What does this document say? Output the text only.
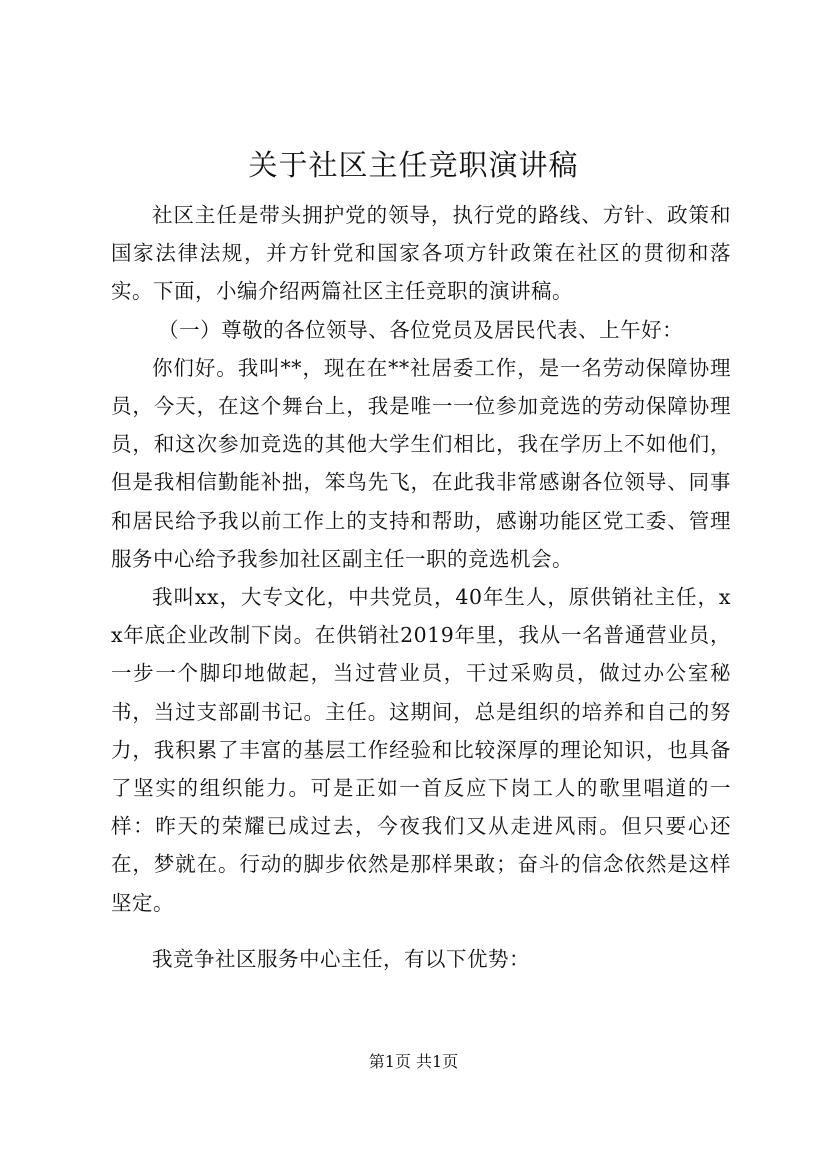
关于社区主任竞职演讲稿

社区主任是带头拥护党的领导，执行党的路线、方针、政策和国家法律法规，并方针党和国家各项方针政策在社区的贯彻和落实。下面，小编介绍两篇社区主任竞职的演讲稿。

（一）尊敬的各位领导、各位党员及居民代表、上午好：

你们好。我叫**，现在在**社居委工作，是一名劳动保障协理员，今天，在这个舞台上，我是唯一一位参加竞选的劳动保障协理员，和这次参加竞选的其他大学生们相比，我在学历上不如他们，但是我相信勤能补拙，笨鸟先飞，在此我非常感谢各位领导、同事和居民给予我以前工作上的支持和帮助，感谢功能区党工委、管理服务中心给予我参加社区副主任一职的竞选机会。

我叫xx，大专文化，中共党员，40年生人，原供销社主任，xx年底企业改制下岗。在供销社2019年里，我从一名普通营业员，一步一个脚印地做起，当过营业员，干过采购员，做过办公室秘书，当过支部副书记。主任。这期间，总是组织的培养和自己的努力，我积累了丰富的基层工作经验和比较深厚的理论知识，也具备了坚实的组织能力。可是正如一首反应下岗工人的歌里唱道的一样：昨天的荣耀已成过去，今夜我们又从走进风雨。但只要心还在，梦就在。行动的脚步依然是那样果敢；奋斗的信念依然是这样坚定。

我竞争社区服务中心主任，有以下优势：

第1页 共1页
